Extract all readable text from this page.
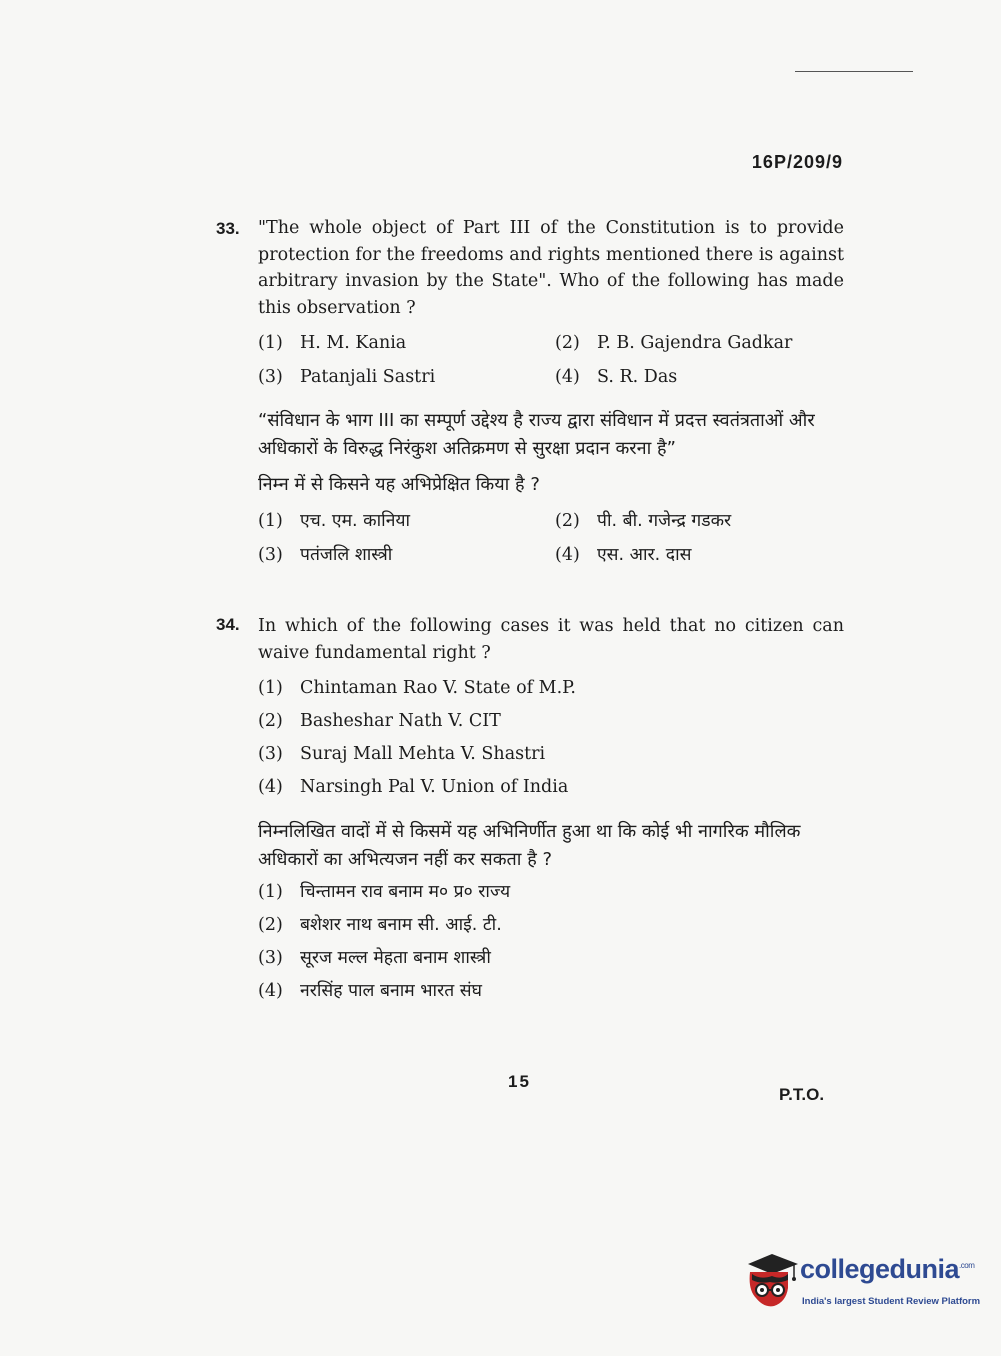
16P/209/9
33. "The whole object of Part III of the Constitution is to provide protection for the freedoms and rights mentioned there is against arbitrary invasion by the State". Who of the following has made this observation ?

(1) H. M. Kania	(2) P. B. Gajendra Gadkar
(3) Patanjali Sastri	(4) S. R. Das

“संविधान के भाग III का सम्पूर्ण उद्देश्य है राज्य द्वारा संविधान में प्रदत्त स्वतंत्रताओं और अधिकारों के विरुद्ध निरंकुश अतिक्रमण से सुरक्षा प्रदान करना है”

निम्न में से किसने यह अभिप्रेक्षित किया है ?

(1) एच. एम. कानिया	(2) पी. बी. गजेन्द्र गडकर
(3) पतंजलि शास्त्री	(4) एस. आर. दास
34. In which of the following cases it was held that no citizen can waive fundamental right ?

(1) Chintaman Rao V. State of M.P.
(2) Basheshar Nath V. CIT
(3) Suraj Mall Mehta V. Shastri
(4) Narsingh Pal V. Union of India

निम्नलिखित वादों में से किसमें यह अभिनिर्णीत हुआ था कि कोई भी नागरिक मौलिक अधिकारों का अभित्यजन नहीं कर सकता है ?

(1) चिन्तामन राव बनाम म० प्र० राज्य
(2) बशेशर नाथ बनाम सी. आई. टी.
(3) सूरज मल्ल मेहता बनाम शास्त्री
(4) नरसिंह पाल बनाम भारत संघ
15
P.T.O.
collegedunia$^{.com}$
India's largest Student Review Platform
